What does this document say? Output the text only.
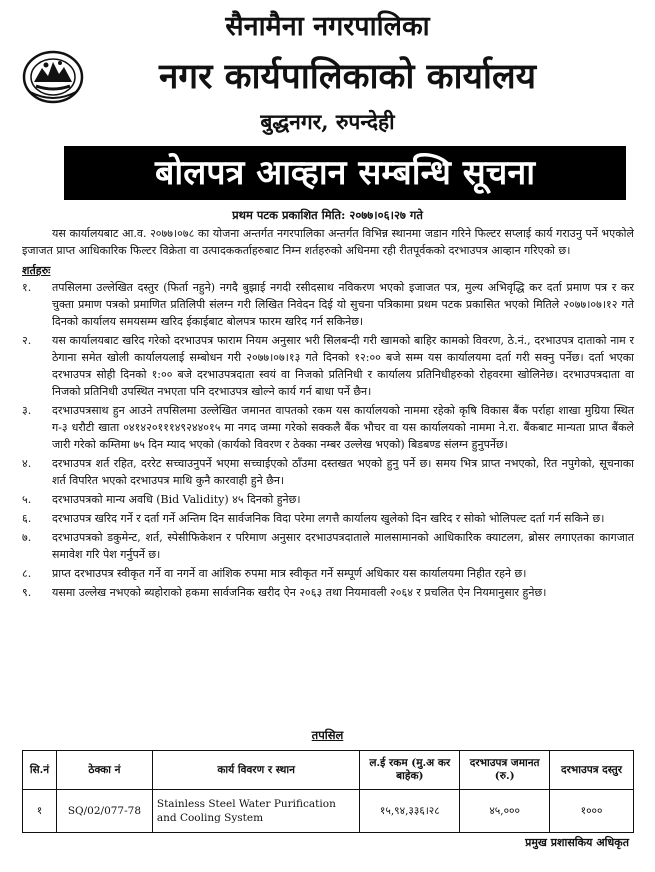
सैनामैना नगरपालिका
नगर कार्यपालिकाको कार्यालय
बुद्धनगर, रुपन्देही
बोलपत्र आव्हान सम्बन्धि सूचना
प्रथम पटक प्रकाशित मिति: २०७७।०६।२७ गते

यस कार्यालयबाट आ.व. २०७७।०७८ का योजना अन्तर्गत नगरपालिका अन्तर्गत विभिन्न स्थानमा जडान गरिने फिल्टर सप्लाई कार्य गराउनु पर्ने भएकोले इजाजत प्राप्त आधिकारिक फिल्टर विक्रेता वा उत्पादककर्ताहरुबाट निम्न शर्तहरुको अधिनमा रही रीतपूर्वकको दरभाउपत्र आव्हान गरिएको छ।

शर्तहरुः
१. तपसिलमा उल्लेखित दस्तुर (फिर्ता नहुने) नगदै बुझाई नगदी रसीदसाथ नविकरण भएको इजाजत पत्र, मुल्य अभिवृद्धि कर दर्ता प्रमाण पत्र र कर चुक्ता प्रमाण पत्रको प्रमाणित प्रतिलिपी संलग्न गरी लिखित निवेदन दिई यो सुचना पत्रिकामा प्रथम पटक प्रकासित भएको मितिले २०७७।०७।१२ गते दिनको कार्यालय समयसम्म खरिद ईकाईबाट बोलपत्र फारम खरिद गर्न सकिनेछ।
२. यस कार्यालयबाट खरिद गरेको दरभाउपत्र फाराम नियम अनुसार भरी सिलबन्दी गरी खामको बाहिर कामको विवरण, ठे.नं., दरभाउपत्र दाताको नाम र ठेगाना समेत खोली कार्यालयलाई सम्बोधन गरी २०७७।०७।१३ गते दिनको १२:०० बजे सम्म यस कार्यालयमा दर्ता गरी सक्नु पर्नेछ। दर्ता भएका दरभाउपत्र सोही दिनको १:०० बजे दरभाउपत्रदाता स्वयं वा निजको प्रतिनिधी र कार्यालय प्रतिनिधीहरुको रोहवरमा खोलिनेछ। दरभाउपत्रदाता वा निजको प्रतिनिधी उपस्थित नभएता पनि दरभाउपत्र खोल्ने कार्य गर्न बाधा पर्ने छैन।
३. दरभाउपत्रसाथ हुन आउने तपसिलमा उल्लेखित जमानत वापतको रकम यस कार्यालयको नाममा रहेको कृषि विकास बैंक पर्राहा शाखा मुग्रिया स्थित ग-३ धरौटी खाता ०४१४२०१११४९२४४०१५ मा नगद जम्मा गरेको सक्कलै बैंक भौचर वा यस कार्यालयको नाममा ने.रा. बैंकबाट मान्यता प्राप्त बैंकले जारी गरेको कम्तिमा ७५ दिन म्याद भएको (कार्यको विवरण र ठेक्का नम्बर उल्लेख भएको) बिडबण्ड संलग्न हुनुपर्नेछ।
४. दरभाउपत्र शर्त रहित, दररेट सच्चाउनुपर्ने भएमा सच्चाईएको ठाँउमा दस्तखत भएको हुनु पर्ने छ। समय भित्र प्राप्त नभएको, रित नपुगेको, सूचनाका शर्त विपरित भएको दरभाउपत्र माथि कुनै कारवाही हुने छैन।
५. दरभाउपत्रको मान्य अवधि (Bid Validity) ४५ दिनको हुनेछ।
६. दरभाउपत्र खरिद गर्ने र दर्ता गर्ने अन्तिम दिन सार्वजनिक विदा परेमा लगत्तै कार्यालय खुलेको दिन खरिद र सोको भोलिपल्ट दर्ता गर्न सकिने छ।
७. दरभाउपत्रको डकुमेन्ट, शर्त, स्पेसीफिकेशन र परिमाण अनुसार दरभाउपत्रदाताले मालसामानको आधिकारिक क्याटलग, ब्रोसर लगाएतका कागजात समावेश गरि पेश गर्नुपर्ने छ।
८. प्राप्त दरभाउपत्र स्वीकृत गर्ने वा नगर्ने वा आंशिक रुपमा मात्र स्वीकृत गर्ने सम्पूर्ण अधिकार यस कार्यालयमा निहीत रहने छ।
९. यसमा उल्लेख नभएको ब्यहोराको हकमा सार्वजनिक खरीद ऐन २०६३ तथा नियमावली २०६४ र प्रचलित ऐन नियमानुसार हुनेछ।
तपसिल
सि.नं	ठेक्का नं	कार्य विवरण र स्थान	ल.ई रकम (मु.अ कर बाहेक)	दरभाउपत्र जमानत (रु.)	दरभाउपत्र दस्तुर
१	SQ/02/077-78	Stainless Steel Water Purification and Cooling System	१५,९४,३३६।२८	४५,०००	१०००
प्रमुख प्रशासकिय अधिकृत
